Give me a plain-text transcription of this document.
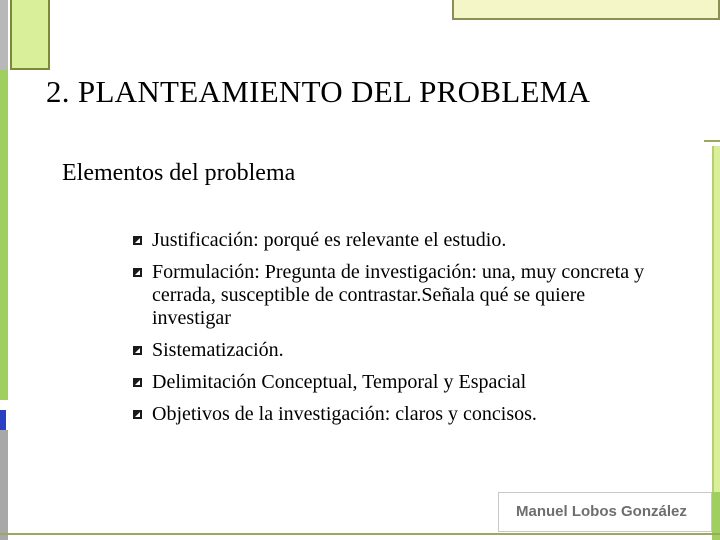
2. PLANTEAMIENTO DEL PROBLEMA
Elementos del problema
Justificación: porqué es relevante el estudio.
Formulación: Pregunta de investigación: una, muy concreta y cerrada, susceptible de contrastar.Señala qué se quiere investigar
Sistematización.
Delimitación Conceptual, Temporal y Espacial
Objetivos de la investigación: claros y concisos.
Manuel Lobos González
